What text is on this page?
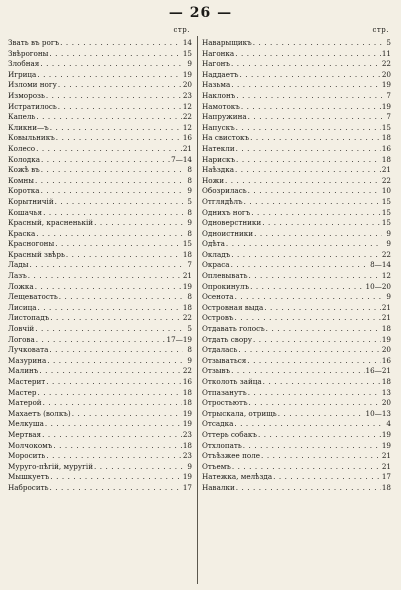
— 26 —
стр.
Звать въ рогъ . .	14
Звѣрогоны . .	15
Злобная . .	9
Игрица . .	19
Изломи ногу . .	20
Изморозь . .	23
Истратилось . .	12
Капель . .	22
Кликни—ъ . .	12
Ковыльникъ . .	16
Колесо . .	21
Колодка . .	7—14
Кожѣ въ . .	8
Комны . .	8
Коротка . .	9
Корытничій . .	5
Кошачья . .	8
Красный, красненькій . .	9
Краска . .	8
Красногоны . .	15
Красный звѣрь . .	18
Лады . .	7
Лазъ . .	21
Ложка . .	19
Лещеватость . .	8
Лисица . .	18
Листопадъ . .	22
Ловчій . .	5
Логова . .	17—19
Лучковата . .	8
Мазурина . .	9
Малинъ . .	22
Мастерит . .	16
Мастер . .	18
Матерой . .	18
Махаетъ (волкъ) . .	19
Мелкуша . .	19
Мертвая . .	23
Молчокомъ . .	18
Моросить . .	23
Муруго-пѣгій, муругій . .	9
Мышкуетъ . .	19
Набросить . .	17
стр.
Наварыщикъ . .	5
Нагонка . .	11
Нагонъ . .	22
Наддаетъ . .	20
Назьма . .	19
Наклонъ . .	7
Намотокъ . .	19
Напружина . .	7
Напускъ . .	15
На свистокъ . .	18
Натекли . .	16
Нарискъ . .	18
Наѣздка . .	21
Ножи . .	22
Обозрилась . .	10
Отглядѣлъ . .	15
Однихъ ногъ . .	15
Одноверстники . .	15
Одноистники . .	9
Одѣта . .	9
Окладъ . .	22
Окраса . .	8—14
Оплевывать . .	12
Опрокинулъ . .	10—20
Осенота . .	9
Островная выда . .	21
Островъ . .	21
Отдавать голосъ . .	18
Отдать свору . .	19
Отдалась . .	20
Отзываться . .	16
Отзывъ . .	16—21
Отколоть зайца . .	18
Отпазанутъ . .	13
Отростьютъ . .	20
Отрыскала, отрищь . .	10—13
Отсадка . .	4
Оттерь собакъ . .	19
Отхлопать . .	19
Отъѣзжее поле . .	21
Отъемъ . .	21
Натежка, мелѣзда . .	17
Навалки . .	18
